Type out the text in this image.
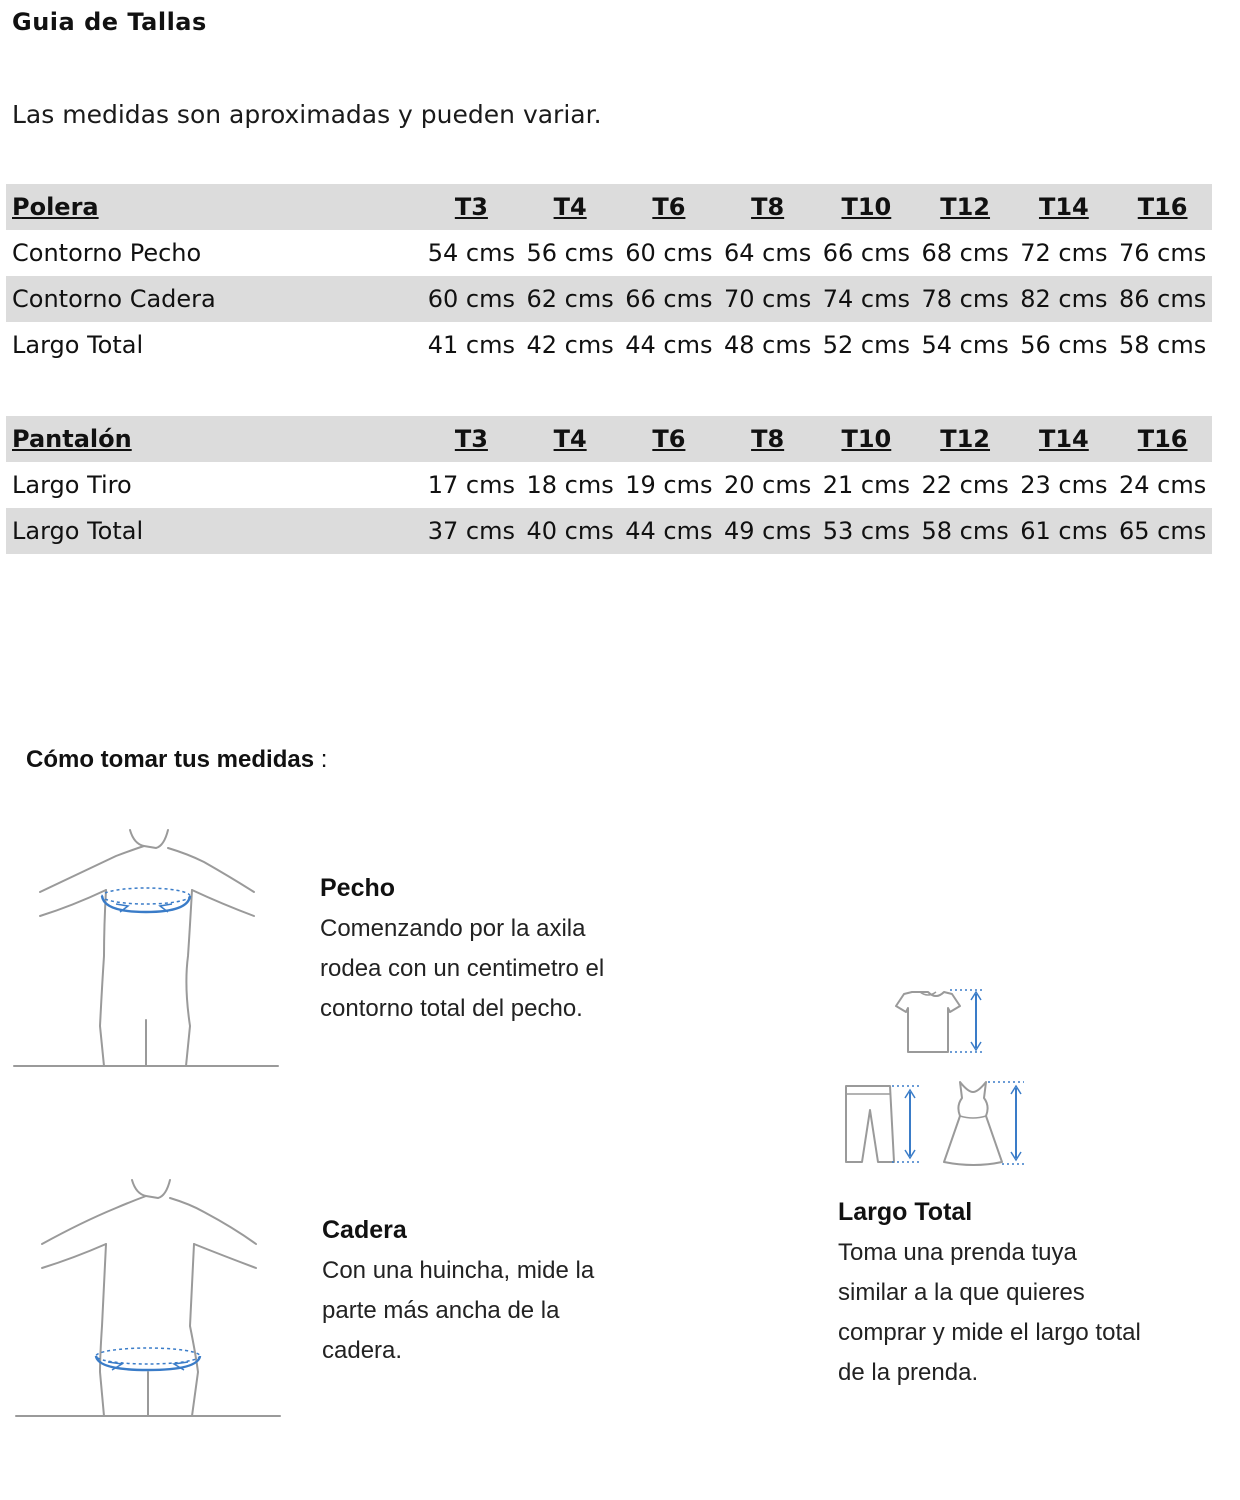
Guia de Tallas
Las medidas son aproximadas y pueden variar.
Polera	T3	T4	T6	T8	T10	T12	T14	T16
Contorno Pecho	54 cms	56 cms	60 cms	64 cms	66 cms	68 cms	72 cms	76 cms
Contorno Cadera	60 cms	62 cms	66 cms	70 cms	74 cms	78 cms	82 cms	86 cms
Largo Total	41 cms	42 cms	44 cms	48 cms	52 cms	54 cms	56 cms	58 cms
Pantalón	T3	T4	T6	T8	T10	T12	T14	T16
Largo Tiro	17 cms	18 cms	19 cms	20 cms	21 cms	22 cms	23 cms	24 cms
Largo Total	37 cms	40 cms	44 cms	49 cms	53 cms	58 cms	61 cms	65 cms
Cómo tomar tus medidas :
Pecho

Comenzando por la axila

rodea con un centimetro el

contorno total del pecho.

Cadera

Con una huincha, mide la

parte más ancha de la

cadera.

Largo Total

Toma una prenda tuya

similar a la que quieres

comprar y mide el largo total

de la prenda.
